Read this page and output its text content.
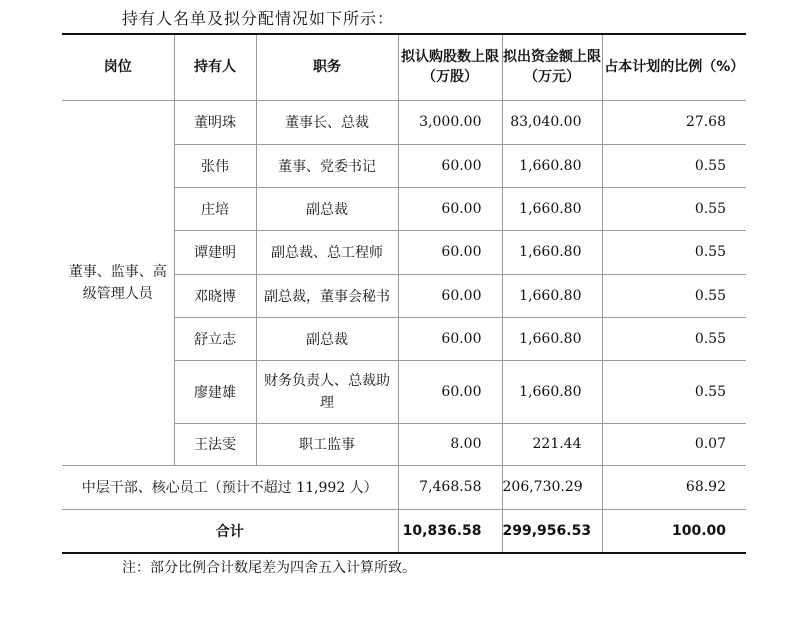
持有人名单及拟分配情况如下所示：
岗位	持有人	职务	拟认购股数上限（万股）	拟出资金额上限（万元）	占本计划的比例（%）
董事、监事、高级管理人员	董明珠	董事长、总裁	3,000.00	83,040.00	27.68
	张伟	董事、党委书记	60.00	1,660.80	0.55
	庄培	副总裁	60.00	1,660.80	0.55
	谭建明	副总裁、总工程师	60.00	1,660.80	0.55
	邓晓博	副总裁，董事会秘书	60.00	1,660.80	0.55
	舒立志	副总裁	60.00	1,660.80	0.55
	廖建雄	财务负责人、总裁助理	60.00	1,660.80	0.55
	王法雯	职工监事	8.00	221.44	0.07
中层干部、核心员工（预计不超过 11,992 人）			7,468.58	206,730.29	68.92
合计			10,836.58	299,956.53	100.00
注：部分比例合计数尾差为四舍五入计算所致。
